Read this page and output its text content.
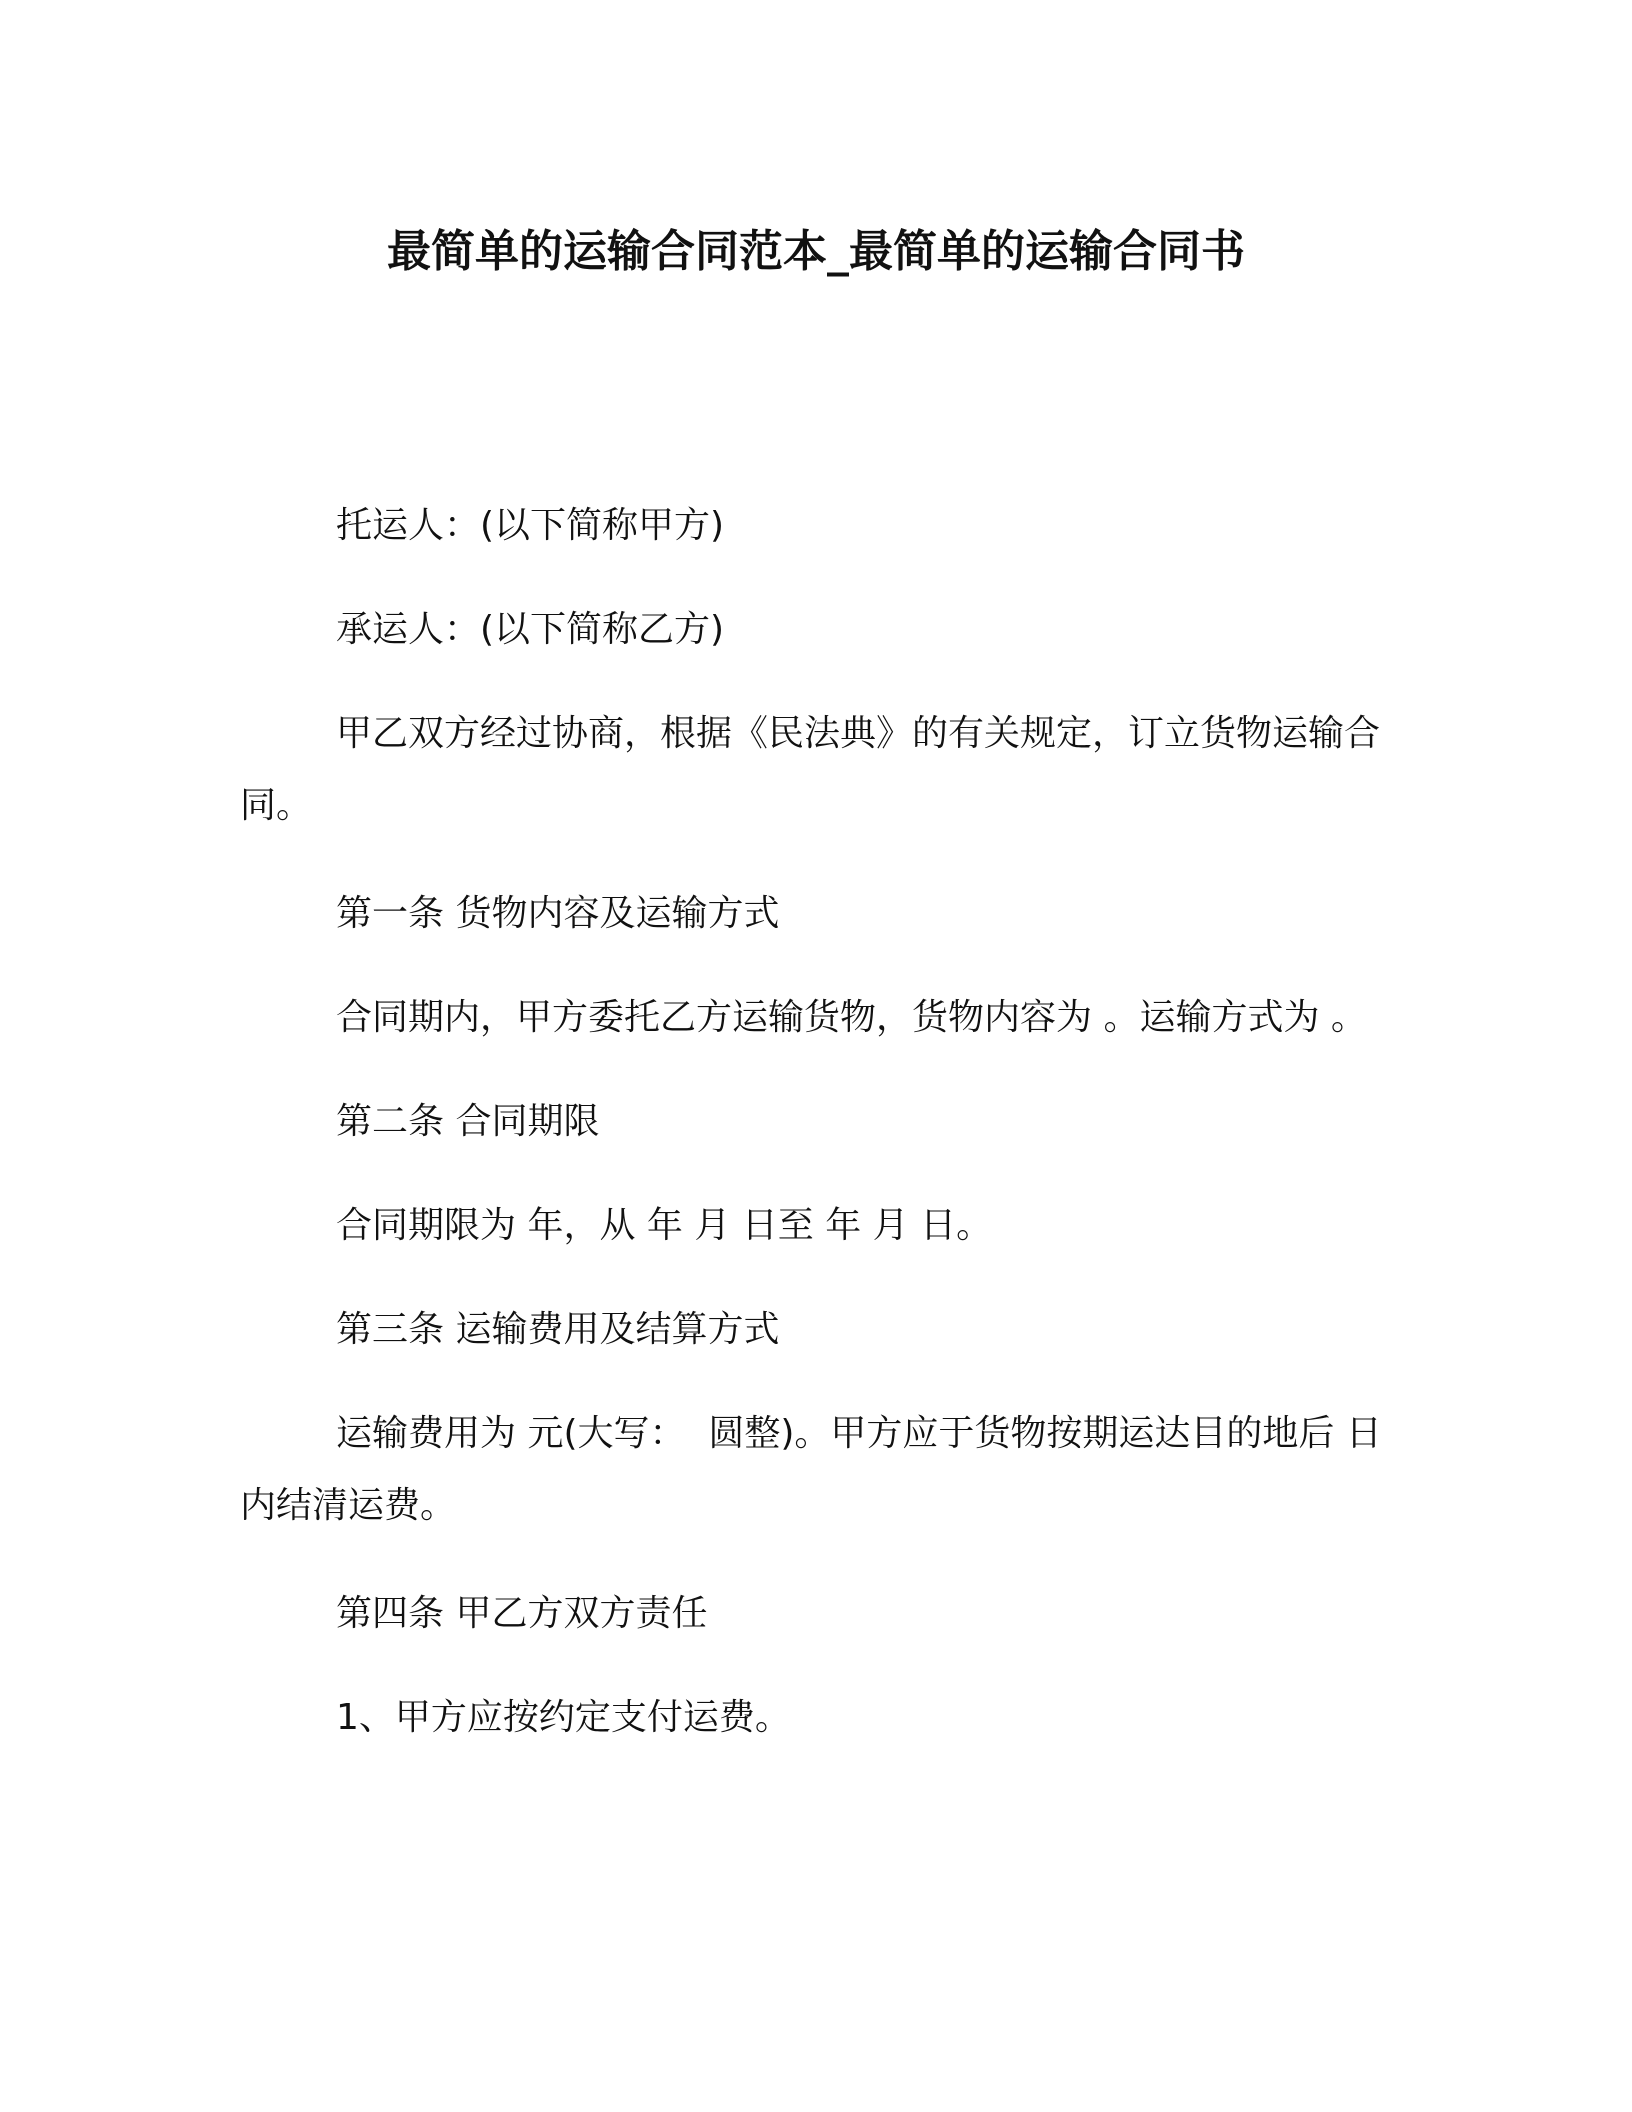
最简单的运输合同范本_最简单的运输合同书
托运人：(以下简称甲方)
承运人：(以下简称乙方)
甲乙双方经过协商，根据《民法典》的有关规定，订立货物运输合同。
第一条 货物内容及运输方式
合同期内，甲方委托乙方运输货物，货物内容为 。运输方式为 。
第二条 合同期限
合同期限为 年，从 年 月 日至 年 月 日。
第三条 运输费用及结算方式
运输费用为 元(大写：  圆整)。甲方应于货物按期运达目的地后 日内结清运费。
第四条 甲乙方双方责任
1、甲方应按约定支付运费。
